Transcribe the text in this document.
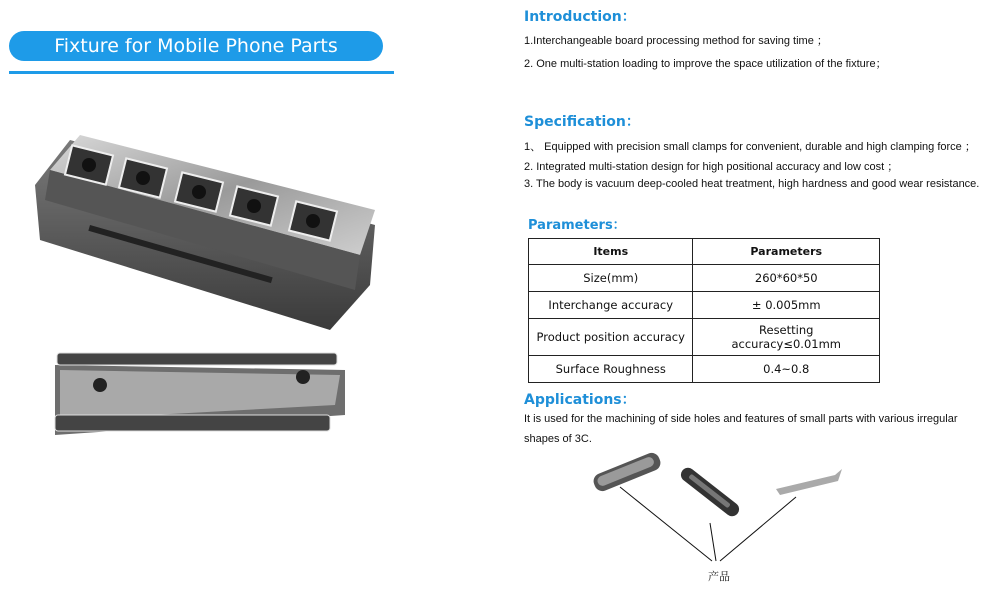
Fixture for Mobile Phone Parts
Introduction：
1.Interchangeable board processing method for saving time ；
2. One multi-station loading to improve the space utilization of the fixture；
Specification：
1、 Equipped with precision small clamps for convenient, durable and high clamping force ；
2. Integrated multi-station design for high positional accuracy and low cost ；
3. The body is vacuum deep-cooled heat treatment, high hardness and good wear resistance.
Parameters：
Items	Parameters
Size(mm)	260*60*50
Interchange accuracy	± 0.005mm
Product position accuracy	Resetting accuracy≤0.01mm
Surface Roughness	0.4~0.8
Applications：
It is used for the machining of side holes and features of small parts with various irregular shapes of 3C.
产品
